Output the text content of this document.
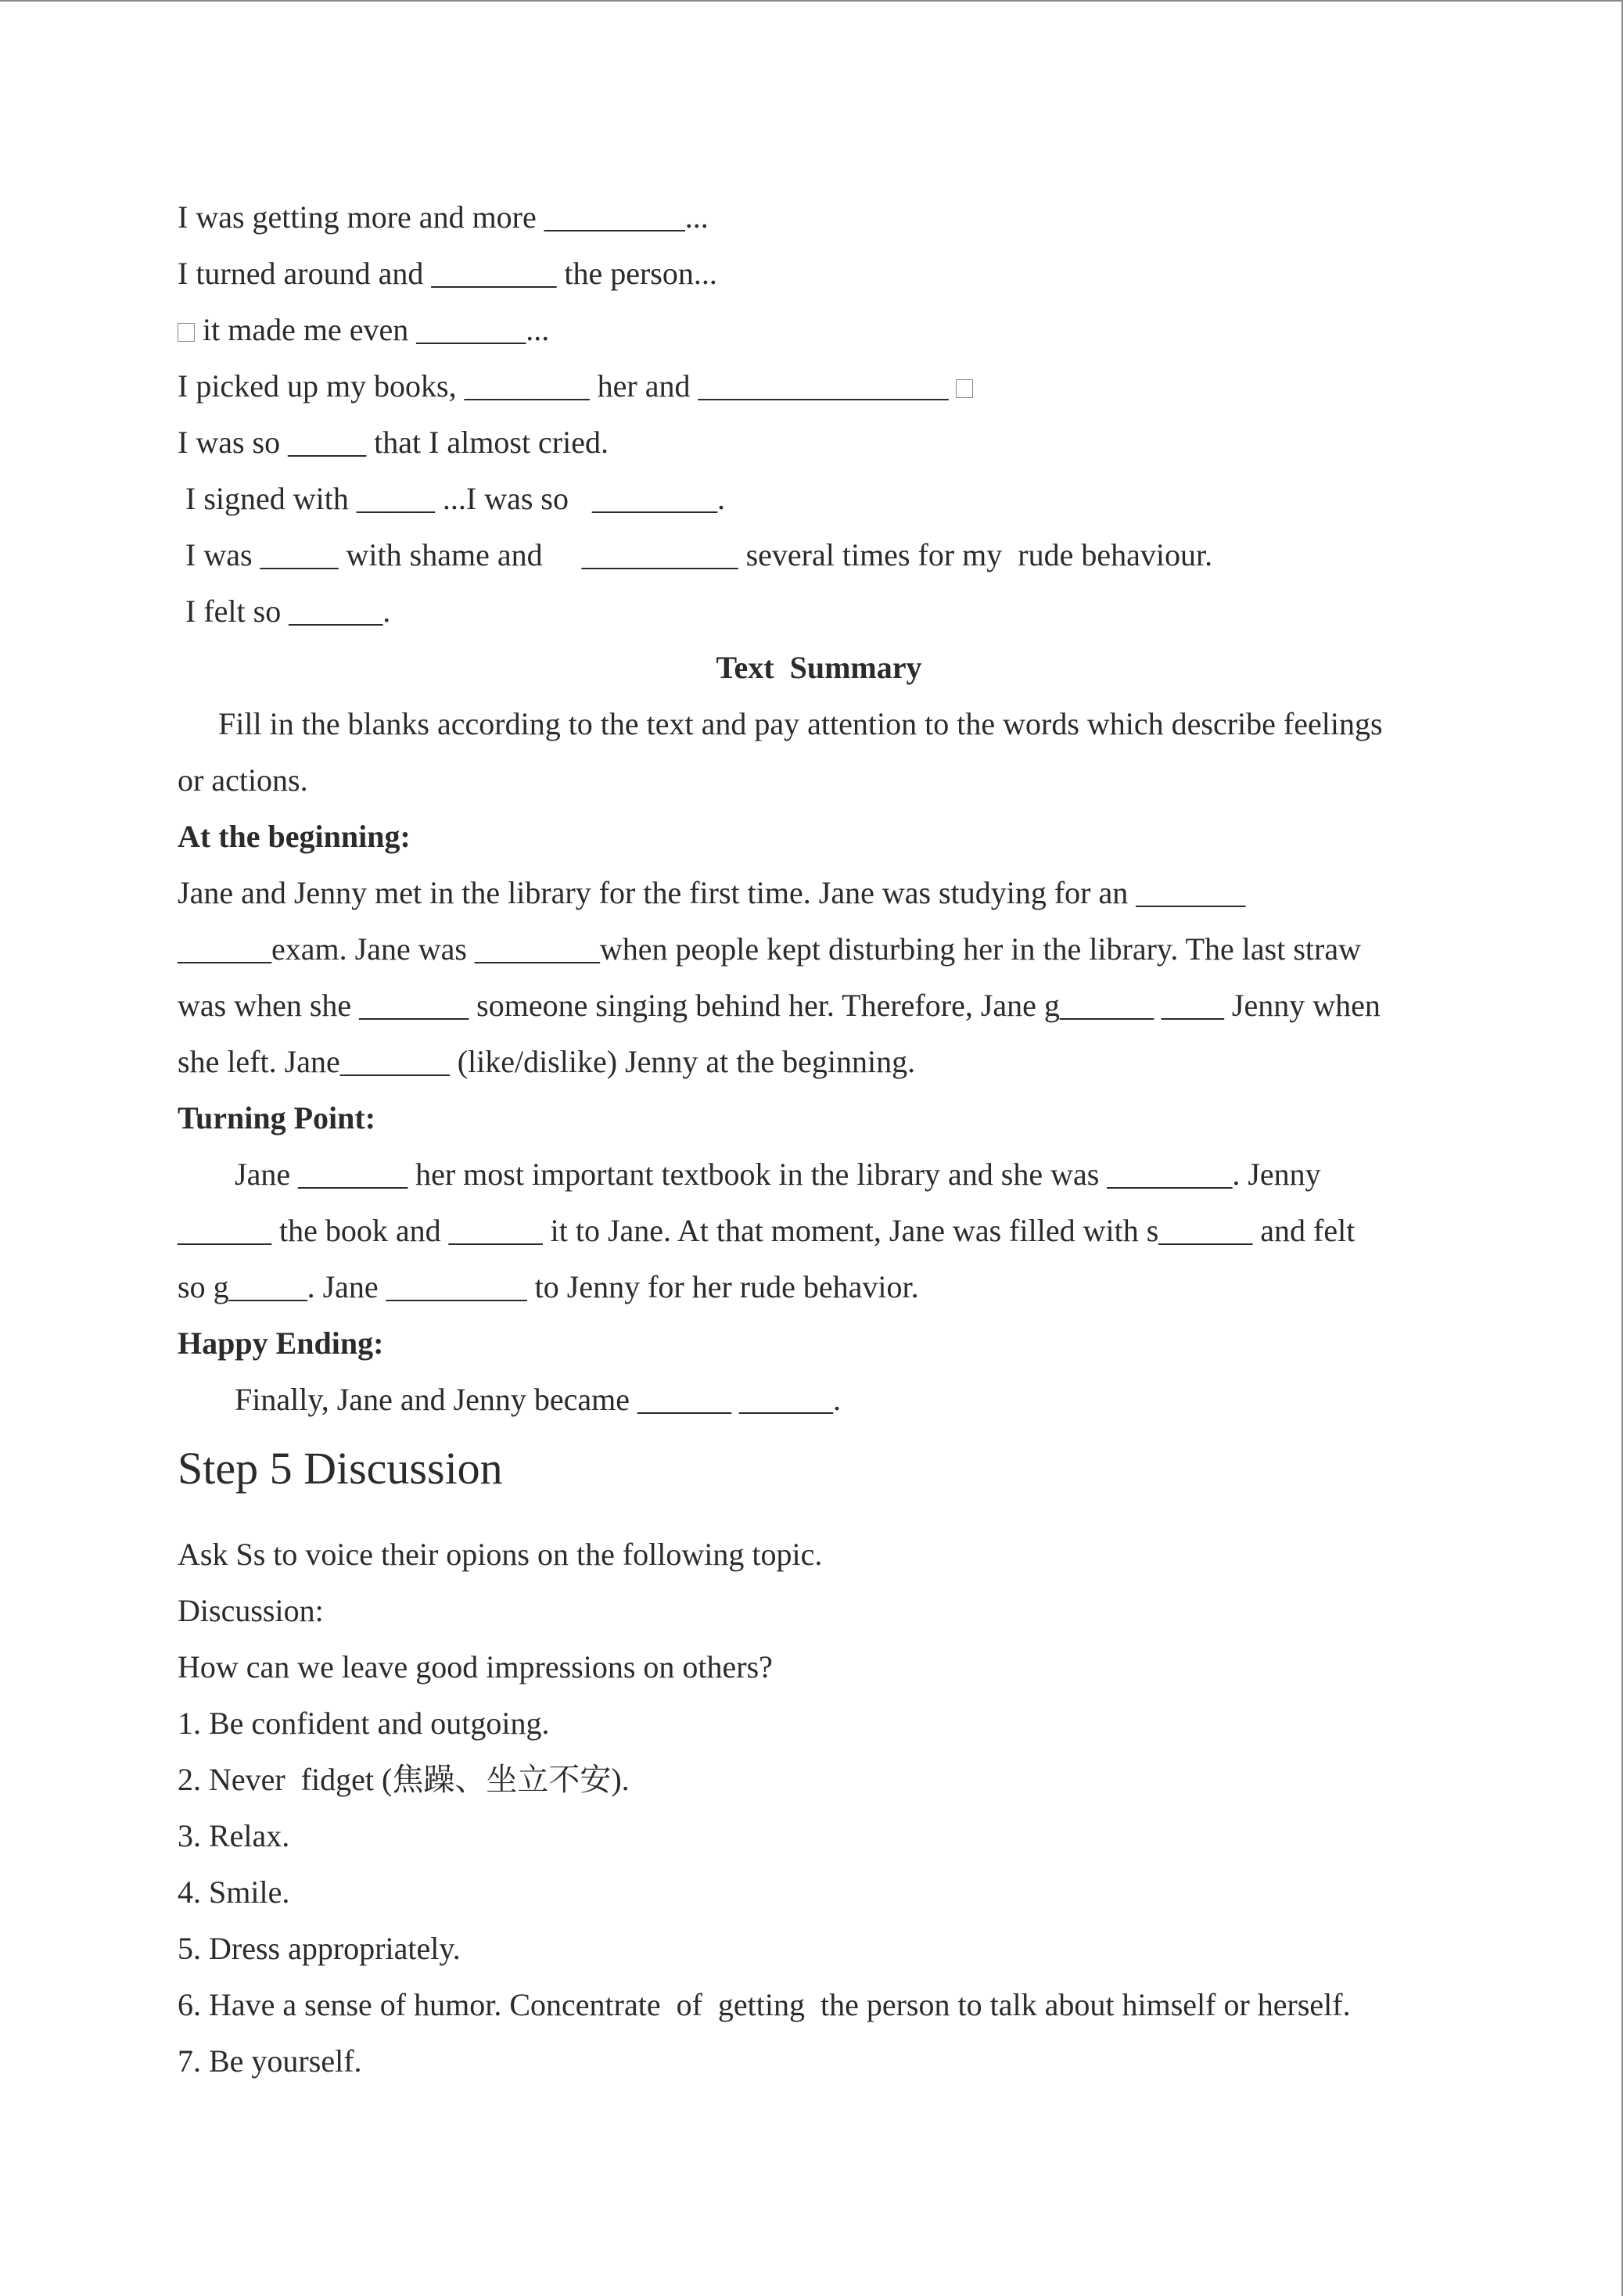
I was getting more and more _________...
I turned around and ________ the person...
it made me even _______...
I picked up my books, ________ her and ________________
I was so _____ that I almost cried.
I signed with _____ ...I was so   ________.
I was _____ with shame and     __________ several times for my  rude behaviour.
I felt so ______.
Text  Summary
Fill in the blanks according to the text and pay attention to the words which describe feelings
or actions.
At the beginning:
Jane and Jenny met in the library for the first time. Jane was studying for an _______
______exam. Jane was ________when people kept disturbing her in the library. The last straw
was when she _______ someone singing behind her. Therefore, Jane g______ ____ Jenny when
she left. Jane_______ (like/dislike) Jenny at the beginning.
Turning Point:
Jane _______ her most important textbook in the library and she was ________. Jenny
______ the book and ______ it to Jane. At that moment, Jane was filled with s______ and felt
so g_____. Jane _________ to Jenny for her rude behavior.
Happy Ending:
Finally, Jane and Jenny became ______ ______.
Step 5 Discussion
Ask Ss to voice their opions on the following topic.
Discussion:
How can we leave good impressions on others?
1. Be confident and outgoing.
2. Never  fidget (焦躁、坐立不安).
3. Relax.
4. Smile.
5. Dress appropriately.
6. Have a sense of humor. Concentrate  of  getting  the person to talk about himself or herself.
7. Be yourself.
